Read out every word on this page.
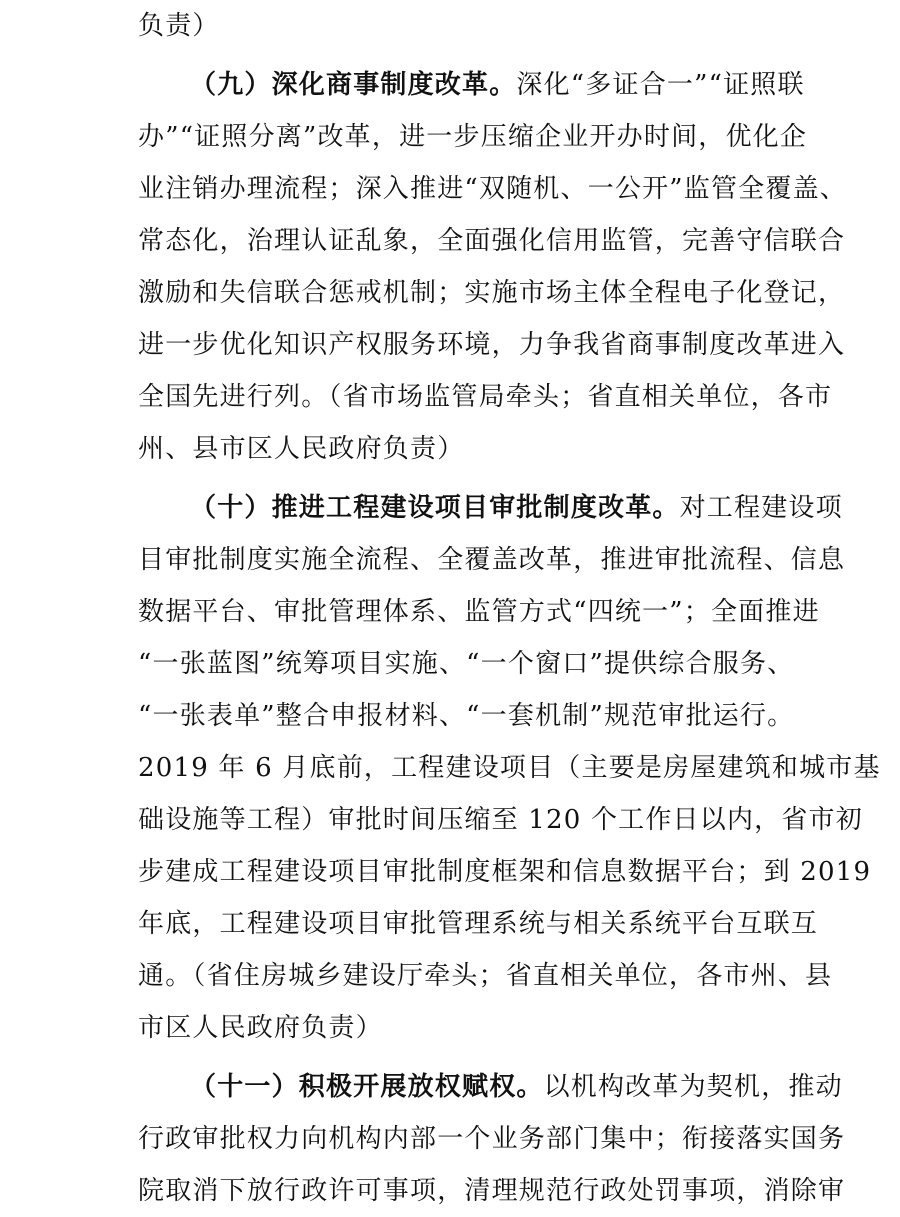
负责）
（九）深化商事制度改革。深化“多证合一”“证照联
办”“证照分离”改革，进一步压缩企业开办时间，优化企
业注销办理流程；深入推进“双随机、一公开”监管全覆盖、
常态化，治理认证乱象，全面强化信用监管，完善守信联合
激励和失信联合惩戒机制；实施市场主体全程电子化登记，
进一步优化知识产权服务环境，力争我省商事制度改革进入
全国先进行列。（省市场监管局牵头；省直相关单位，各市
州、县市区人民政府负责）
（十）推进工程建设项目审批制度改革。对工程建设项
目审批制度实施全流程、全覆盖改革，推进审批流程、信息
数据平台、审批管理体系、监管方式“四统一”；全面推进
“一张蓝图”统筹项目实施、“一个窗口”提供综合服务、
“一张表单”整合申报材料、“一套机制”规范审批运行。
2019 年 6 月底前，工程建设项目（主要是房屋建筑和城市基
础设施等工程）审批时间压缩至 120 个工作日以内，省市初
步建成工程建设项目审批制度框架和信息数据平台；到 2019
年底，工程建设项目审批管理系统与相关系统平台互联互
通。（省住房城乡建设厅牵头；省直相关单位，各市州、县
市区人民政府负责）
（十一）积极开展放权赋权。以机构改革为契机，推动
行政审批权力向机构内部一个业务部门集中；衔接落实国务
院取消下放行政许可事项，清理规范行政处罚事项，消除审
